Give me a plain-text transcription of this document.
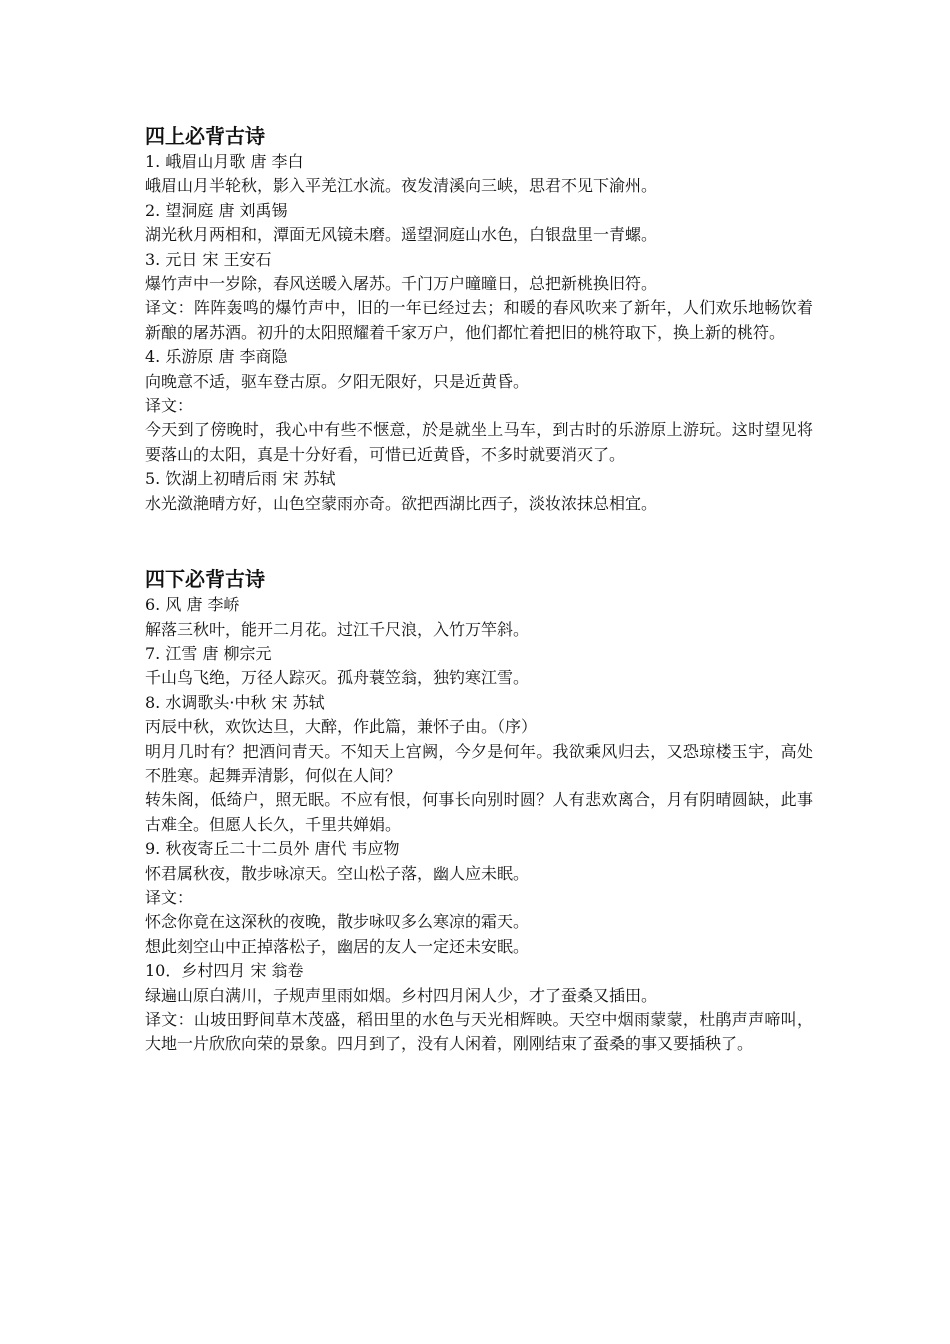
四上必背古诗

1. 峨眉山月歌 唐 李白

峨眉山月半轮秋，影入平羌江水流。夜发清溪向三峡，思君不见下渝州。

2. 望洞庭 唐 刘禹锡

湖光秋月两相和，潭面无风镜未磨。遥望洞庭山水色，白银盘里一青螺。

3. 元日 宋 王安石

爆竹声中一岁除，春风送暖入屠苏。千门万户曈曈日，总把新桃换旧符。

译文：阵阵轰鸣的爆竹声中，旧的一年已经过去；和暖的春风吹来了新年，人们欢乐地畅饮着新酿的屠苏酒。初升的太阳照耀着千家万户，他们都忙着把旧的桃符取下，换上新的桃符。

4. 乐游原 唐 李商隐

向晚意不适，驱车登古原。夕阳无限好，只是近黄昏。

译文：

今天到了傍晚时，我心中有些不惬意，於是就坐上马车，到古时的乐游原上游玩。这时望见将要落山的太阳，真是十分好看，可惜已近黄昏，不多时就要消灭了。

5. 饮湖上初晴后雨 宋 苏轼

水光潋滟晴方好，山色空蒙雨亦奇。欲把西湖比西子，淡妆浓抹总相宜。

四下必背古诗

6. 风 唐 李峤

解落三秋叶，能开二月花。过江千尺浪，入竹万竿斜。

7. 江雪 唐 柳宗元

千山鸟飞绝，万径人踪灭。孤舟蓑笠翁，独钓寒江雪。

8. 水调歌头·中秋 宋 苏轼

丙辰中秋，欢饮达旦，大醉，作此篇，兼怀子由。（序）

明月几时有？把酒问青天。不知天上宫阙，今夕是何年。我欲乘风归去，又恐琼楼玉宇，高处不胜寒。起舞弄清影，何似在人间？

转朱阁，低绮户，照无眠。不应有恨，何事长向别时圆？人有悲欢离合，月有阴晴圆缺，此事古难全。但愿人长久，千里共婵娟。

9. 秋夜寄丘二十二员外 唐代 韦应物

怀君属秋夜，散步咏凉天。空山松子落，幽人应未眠。

译文：

怀念你竟在这深秋的夜晚，散步咏叹多么寒凉的霜天。

想此刻空山中正掉落松子，幽居的友人一定还未安眠。

10．乡村四月 宋 翁卷

绿遍山原白满川，子规声里雨如烟。乡村四月闲人少，才了蚕桑又插田。

译文：山坡田野间草木茂盛，稻田里的水色与天光相辉映。天空中烟雨蒙蒙，杜鹃声声啼叫，大地一片欣欣向荣的景象。四月到了，没有人闲着，刚刚结束了蚕桑的事又要插秧了。
